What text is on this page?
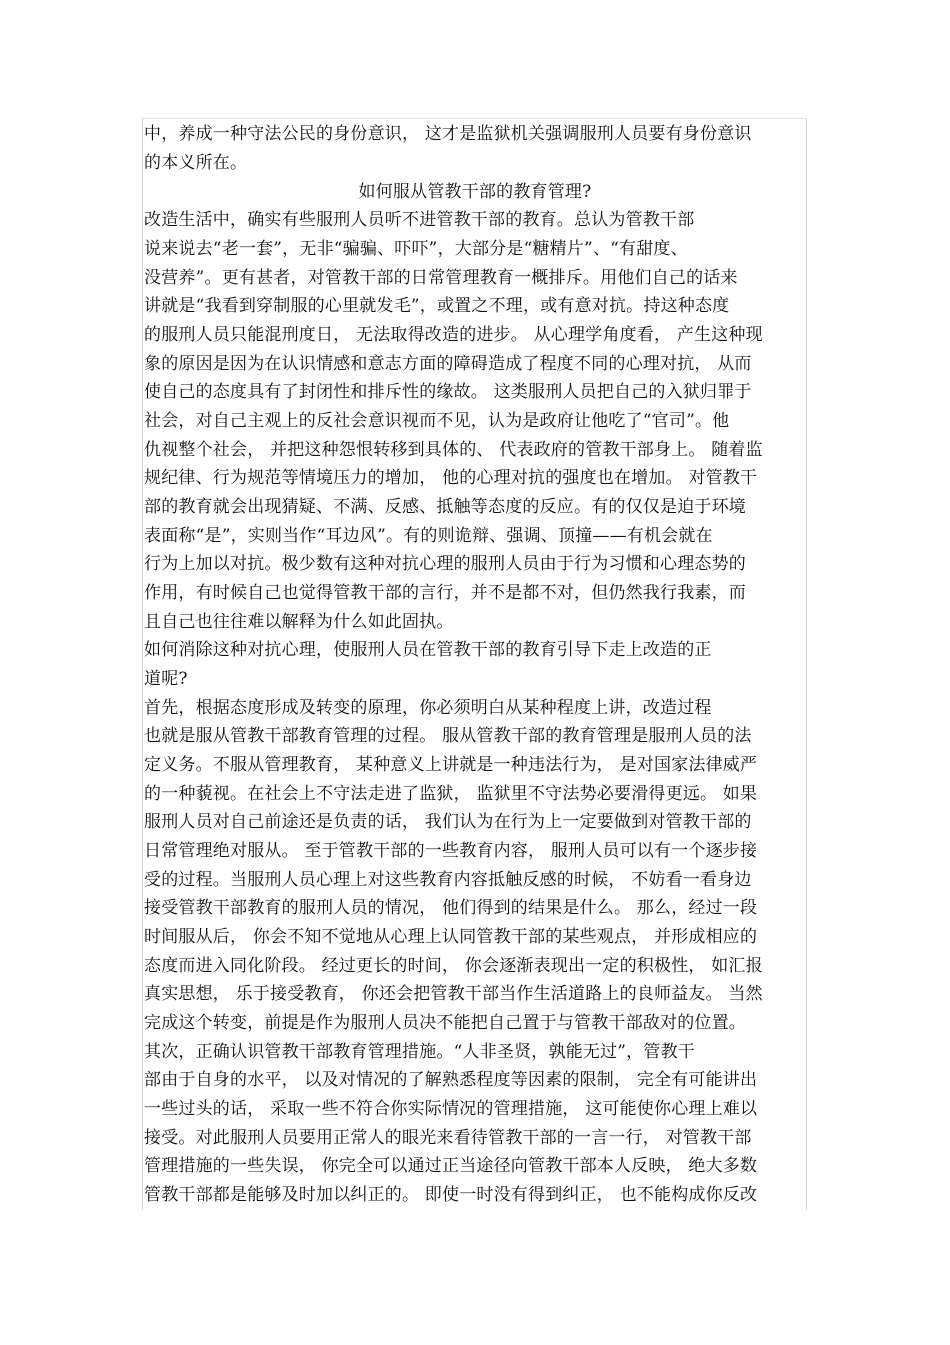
中，养成一种守法公民的身份意识， 这才是监狱机关强调服刑人员要有身份意识
的本义所在。
如何服从管教干部的教育管理?
改造生活中，确实有些服刑人员听不进管教干部的教育。总认为管教干部
说来说去“老一套”，无非“骗骗、吓吓”，大部分是“糖精片”、“有甜度、
没营养”。更有甚者，对管教干部的日常管理教育一概排斥。用他们自己的话来
讲就是“我看到穿制服的心里就发毛”，或置之不理，或有意对抗。持这种态度
的服刑人员只能混刑度日， 无法取得改造的进步。 从心理学角度看， 产生这种现
象的原因是因为在认识情感和意志方面的障碍造成了程度不同的心理对抗， 从而
使自己的态度具有了封闭性和排斥性的缘故。 这类服刑人员把自己的入狱归罪于
社会，对自己主观上的反社会意识视而不见，认为是政府让他吃了“官司”。他
仇视整个社会， 并把这种怨恨转移到具体的、 代表政府的管教干部身上。 随着监
规纪律、行为规范等情境压力的增加， 他的心理对抗的强度也在增加。 对管教干
部的教育就会出现猜疑、不满、反感、抵触等态度的反应。有的仅仅是迫于环境
表面称“是”，实则当作“耳边风”。有的则诡辩、强调、顶撞——有机会就在
行为上加以对抗。极少数有这种对抗心理的服刑人员由于行为习惯和心理态势的
作用，有时候自己也觉得管教干部的言行，并不是都不对，但仍然我行我素，而
且自己也往往难以解释为什么如此固执。
如何消除这种对抗心理，使服刑人员在管教干部的教育引导下走上改造的正
道呢?
首先，根据态度形成及转变的原理，你必须明白从某种程度上讲，改造过程
也就是服从管教干部教育管理的过程。 服从管教干部的教育管理是服刑人员的法
定义务。不服从管理教育， 某种意义上讲就是一种违法行为， 是对国家法律威严
的一种藐视。在社会上不守法走进了监狱， 监狱里不守法势必要滑得更远。 如果
服刑人员对自己前途还是负责的话， 我们认为在行为上一定要做到对管教干部的
日常管理绝对服从。 至于管教干部的一些教育内容， 服刑人员可以有一个逐步接
受的过程。当服刑人员心理上对这些教育内容抵触反感的时候， 不妨看一看身边
接受管教干部教育的服刑人员的情况， 他们得到的结果是什么。 那么，经过一段
时间服从后， 你会不知不觉地从心理上认同管教干部的某些观点， 并形成相应的
态度而进入同化阶段。 经过更长的时间， 你会逐渐表现出一定的积极性， 如汇报
真实思想， 乐于接受教育， 你还会把管教干部当作生活道路上的良师益友。 当然
完成这个转变，前提是作为服刑人员决不能把自己置于与管教干部敌对的位置。
其次，正确认识管教干部教育管理措施。“人非圣贤，孰能无过”，管教干
部由于自身的水平， 以及对情况的了解熟悉程度等因素的限制， 完全有可能讲出
一些过头的话， 采取一些不符合你实际情况的管理措施， 这可能使你心理上难以
接受。对此服刑人员要用正常人的眼光来看待管教干部的一言一行， 对管教干部
管理措施的一些失误， 你完全可以通过正当途径向管教干部本人反映， 绝大多数
管教干部都是能够及时加以纠正的。 即使一时没有得到纠正， 也不能构成你反改
